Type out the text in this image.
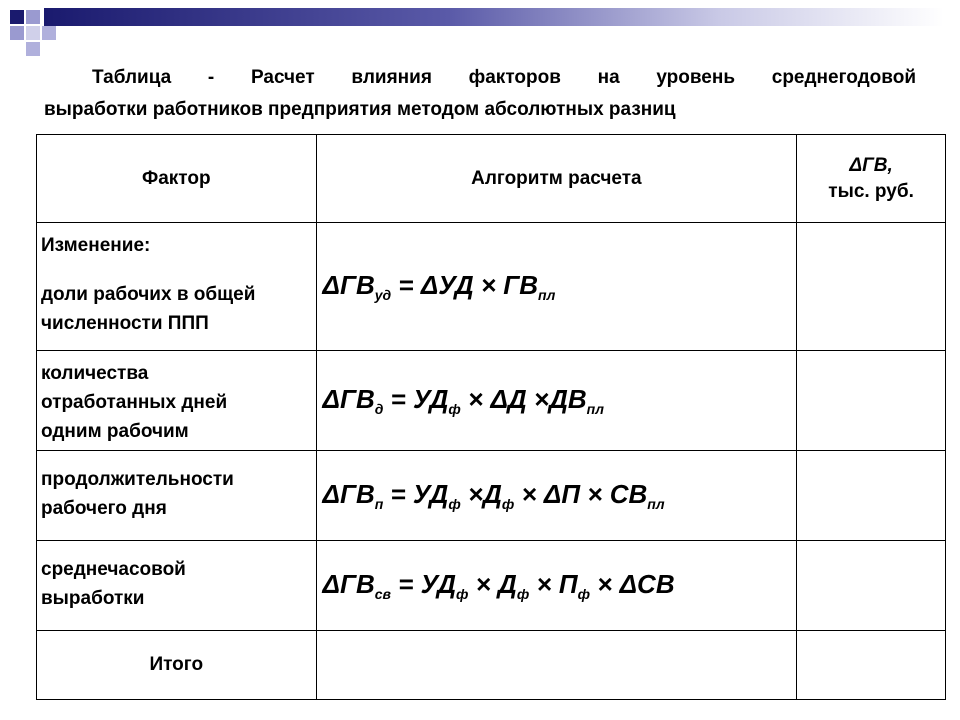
Таблица - Расчет влияния факторов на уровень среднегодовой
выработки работников предприятия методом абсолютных разниц
Фактор	Алгоритм расчета	ΔГВ,
тыс. руб.

Изменение:
доли рабочих в общей
численности ППП	$\Delta ГВ_{уд} = \Delta УД \times ГВ_{пл}$	

количества
отработанных дней
одним рабочим	$\Delta ГВ_д = УД_ф \times \Delta Д \times ДВ_{пл}$	

продолжительности
рабочего дня	$\Delta ГВ_п = УД_ф \times Д_ф \times \Delta П \times СВ_{пл}$	

среднечасовой
выработки	$\Delta ГВ_{св} = УД_ф \times Д_ф \times П_ф \times \Delta СВ$	
Итого		
